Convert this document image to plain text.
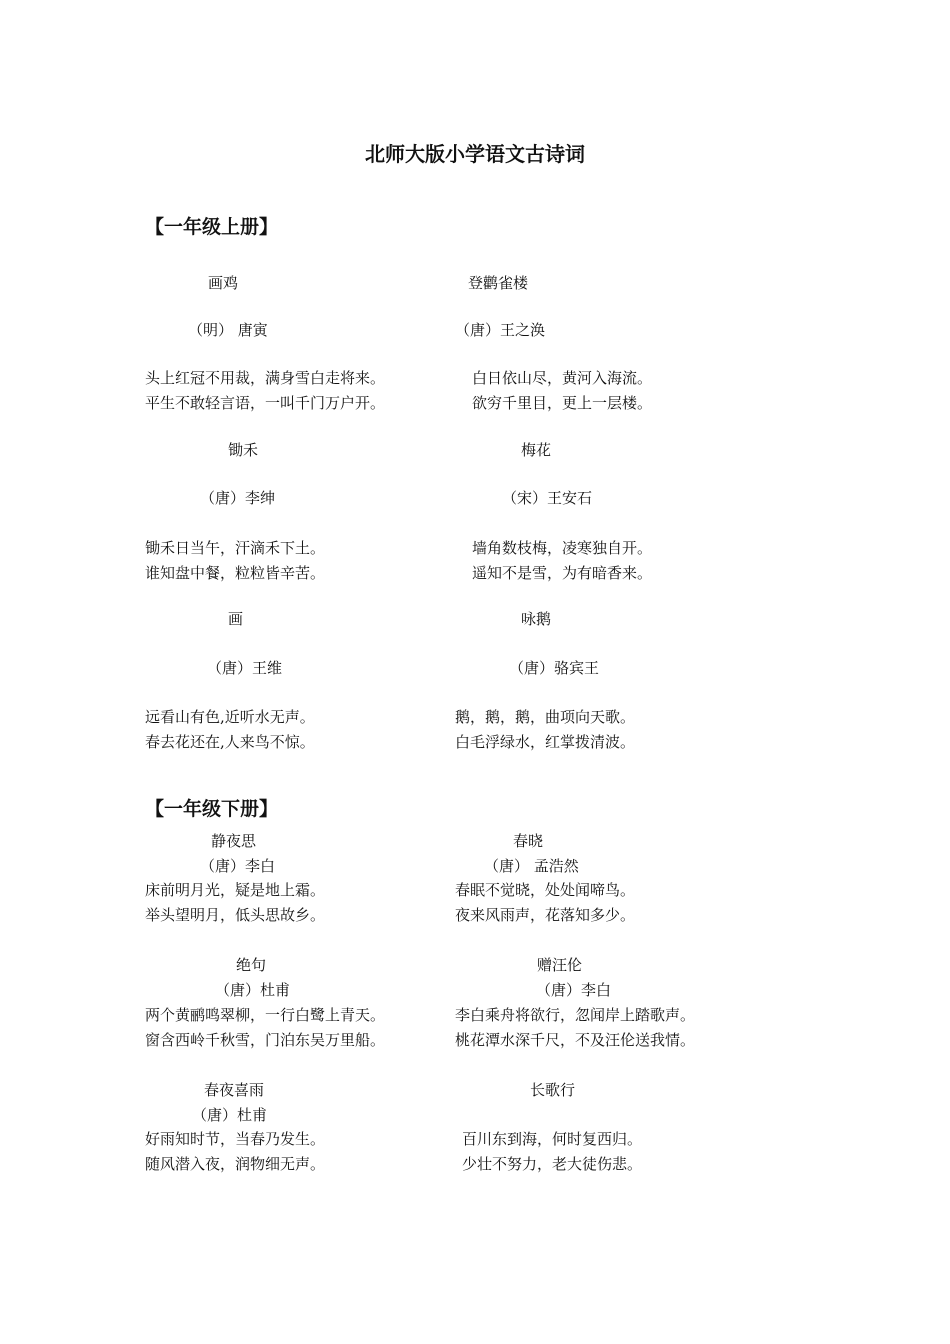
北师大版小学语文古诗词
【一年级上册】
画鸡
（明） 唐寅
头上红冠不用裁，满身雪白走将来。
平生不敢轻言语，一叫千门万户开。
登鹳雀楼
（唐）王之涣
白日依山尽，黄河入海流。
欲穷千里目，更上一层楼。
锄禾
（唐）李绅
锄禾日当午，汗滴禾下土。
谁知盘中餐，粒粒皆辛苦。
梅花
（宋）王安石
墙角数枝梅，凌寒独自开。
遥知不是雪，为有暗香来。
画
（唐）王维
远看山有色,近听水无声。
春去花还在,人来鸟不惊。
咏鹅
（唐）骆宾王
鹅，鹅，鹅，曲项向天歌。
白毛浮绿水，红掌拨清波。
【一年级下册】
静夜思
（唐）李白
床前明月光，疑是地上霜。
举头望明月，低头思故乡。
春晓
（唐） 孟浩然
春眠不觉晓，处处闻啼鸟。
夜来风雨声，花落知多少。
绝句
（唐）杜甫
两个黄鹂鸣翠柳，一行白鹭上青天。
窗含西岭千秋雪，门泊东吴万里船。
赠汪伦
（唐）李白
李白乘舟将欲行，忽闻岸上踏歌声。
桃花潭水深千尺，不及汪伦送我情。
春夜喜雨
（唐）杜甫
好雨知时节，当春乃发生。
随风潜入夜，润物细无声。
长歌行
百川东到海，何时复西归。
少壮不努力，老大徒伤悲。
